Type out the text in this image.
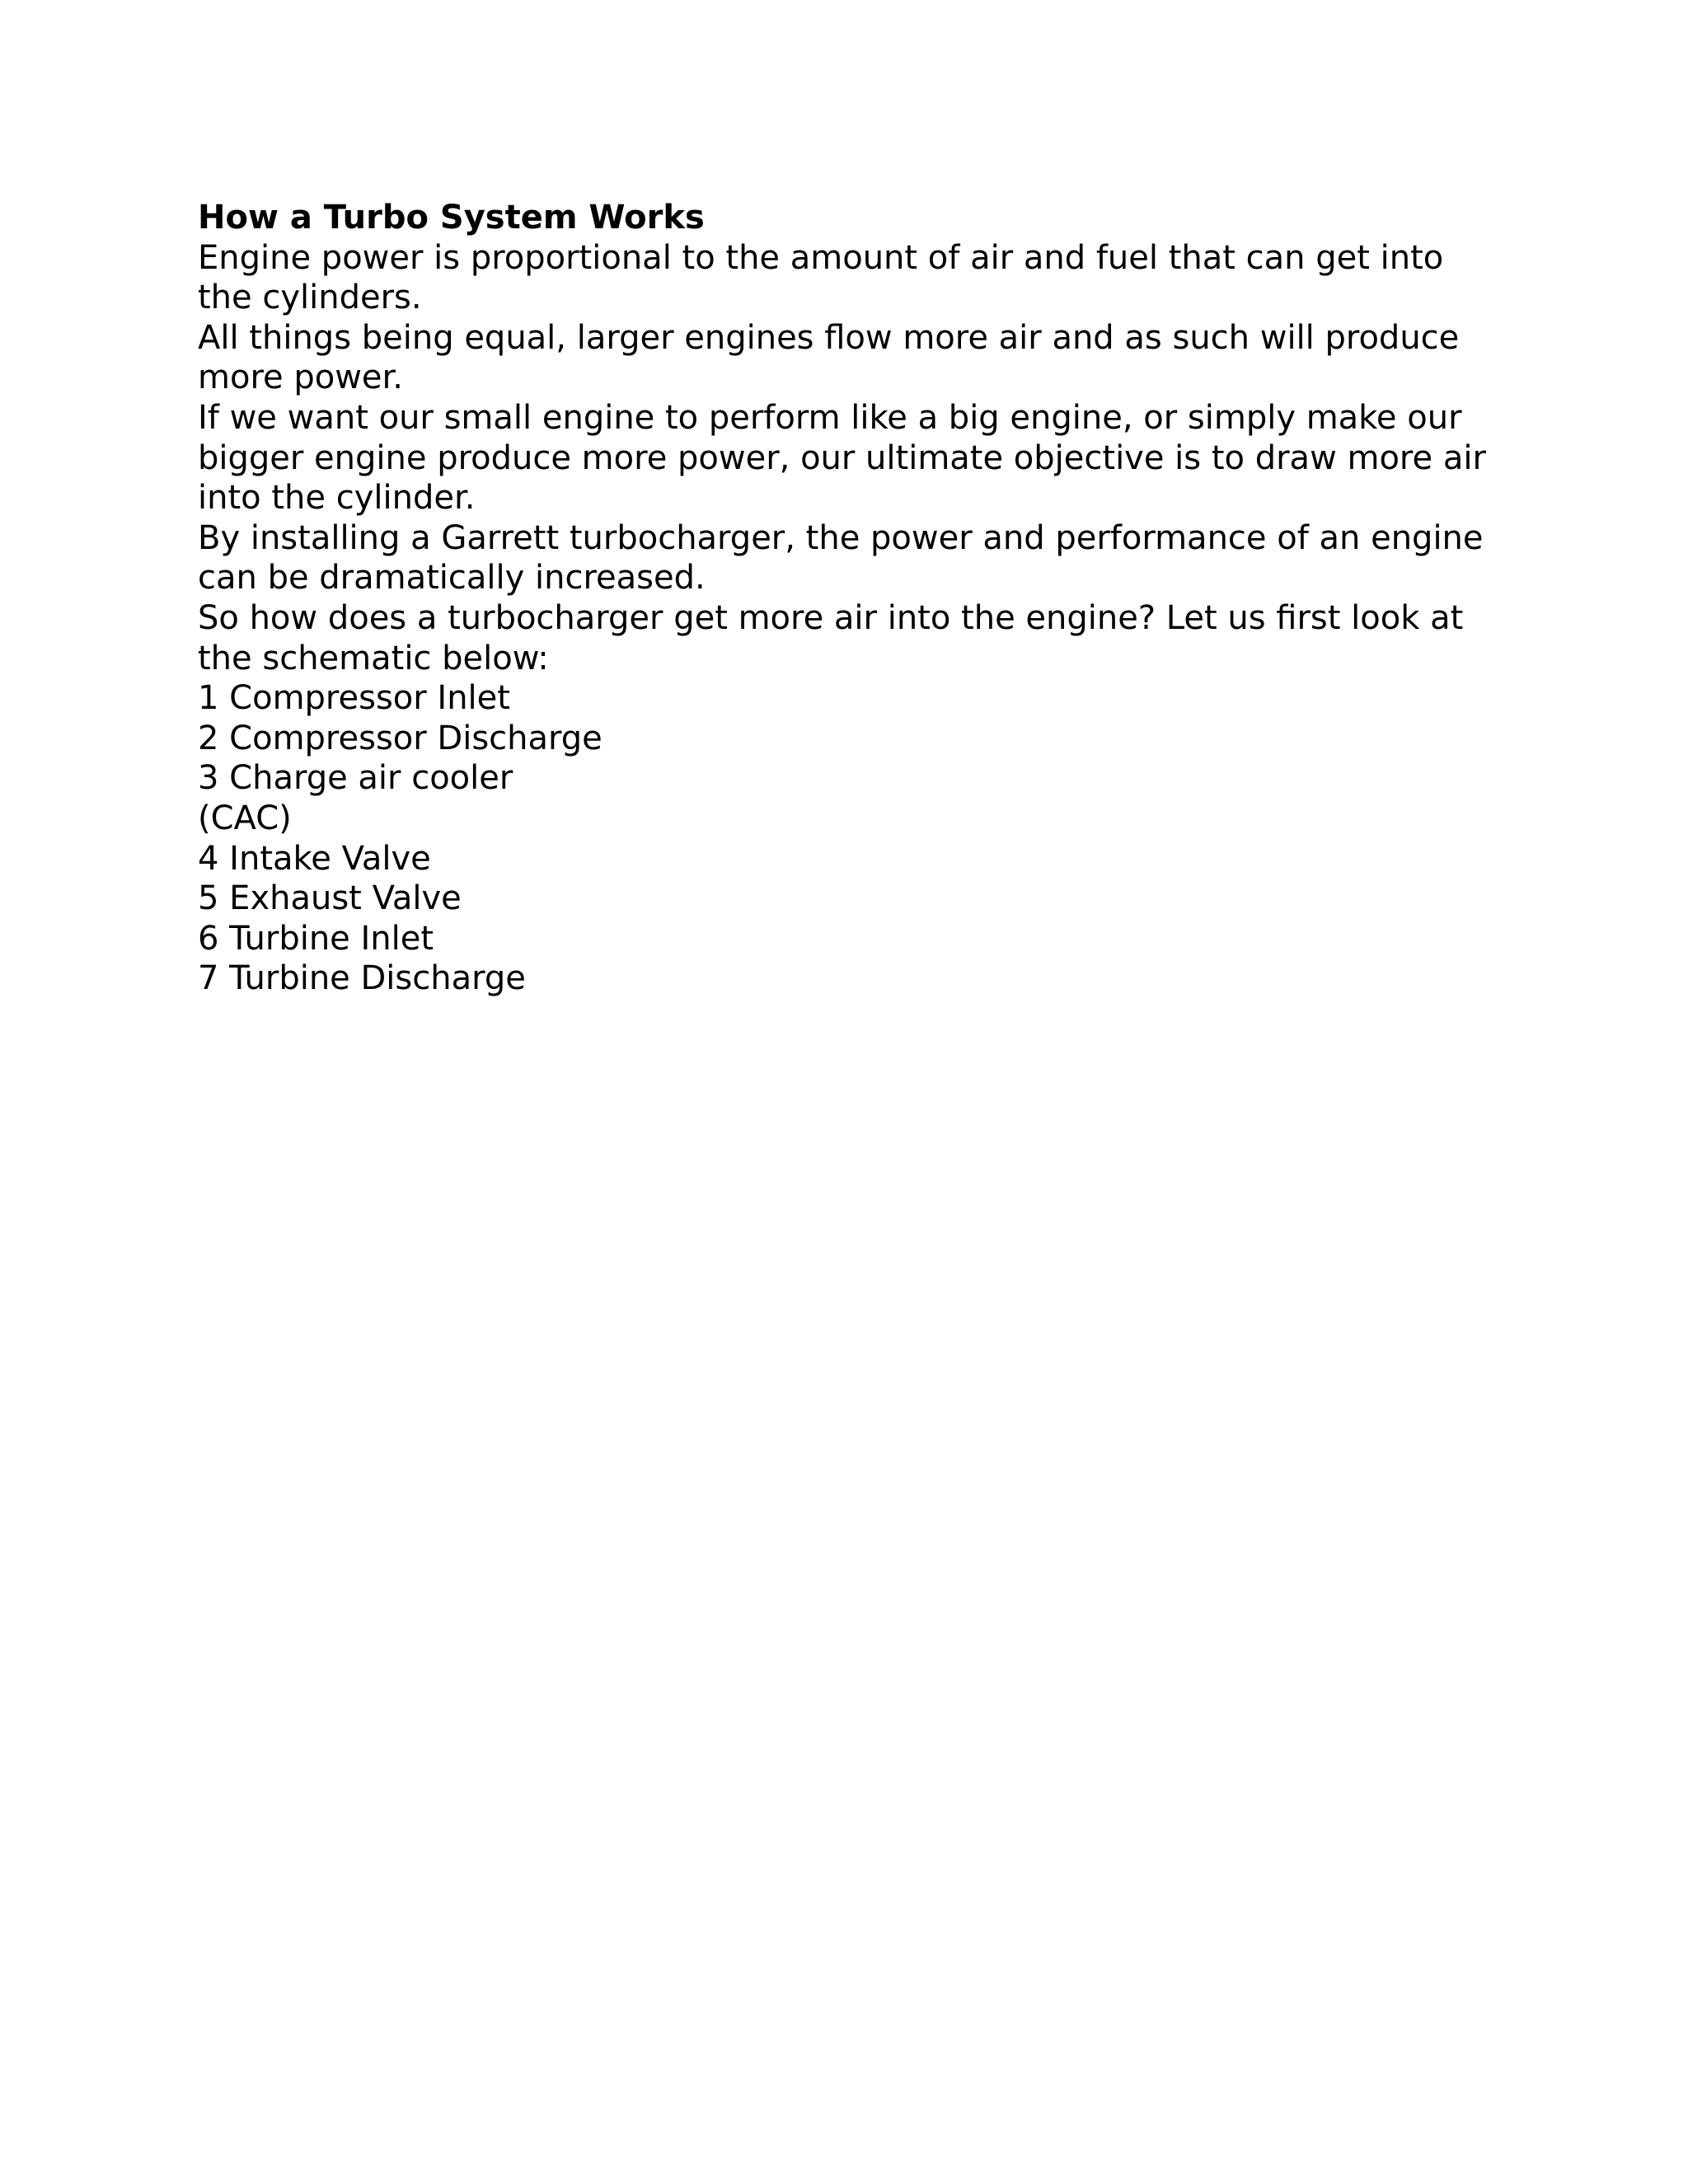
How a Turbo System Works

Engine power is proportional to the amount of air and fuel that can get into the cylinders.

All things being equal, larger engines flow more air and as such will produce more power.

If we want our small engine to perform like a big engine, or simply make our bigger engine produce more power, our ultimate objective is to draw more air into the cylinder.

By installing a Garrett turbocharger, the power and performance of an engine can be dramatically increased.

So how does a turbocharger get more air into the engine? Let us first look at the schematic below:

1 Compressor Inlet
2 Compressor Discharge
3 Charge air cooler
(CAC)
4 Intake Valve
5 Exhaust Valve
6 Turbine Inlet
7 Turbine Discharge
